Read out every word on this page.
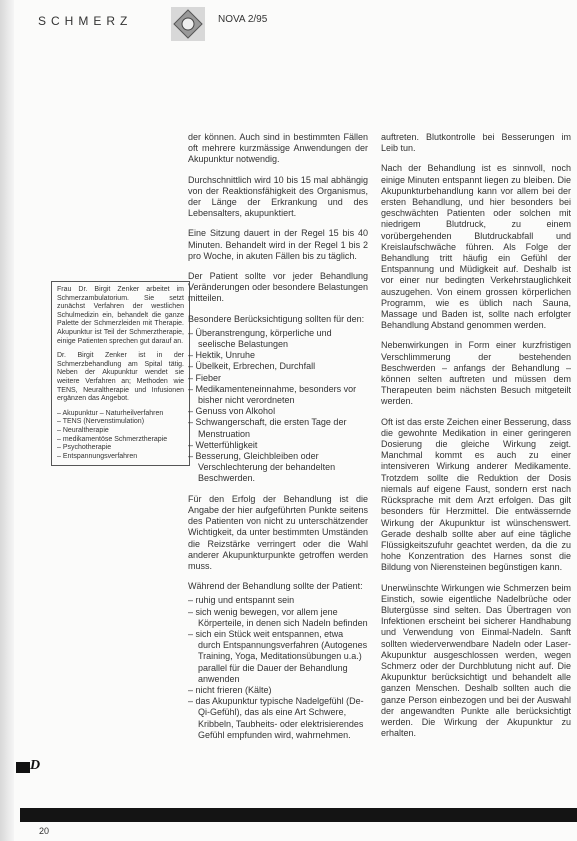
SCHMERZ	NOVA 2/95

Frau Dr. Birgit Zenker arbeitet im Schmerzambulatorium. Sie setzt zunächst Verfahren der westlichen Schulmedizin ein, behandelt die ganze Palette der Schmerzleiden mit Therapie. Akupunktur ist Teil der Schmerztherapie, einige Patienten sprechen gut darauf an.

Dr. Birgit Zenker ist in der Schmerzbehandlung am Spital tätig. Neben der Akupunktur wendet sie weitere Verfahren an; Methoden wie TENS, Neuraltherapie und Infusionen ergänzen das Angebot.

– Akupunktur – Naturheilverfahren
– TENS (Nervenstimulation)
– Neuraltherapie
– medikamentöse Schmerztherapie
– Psychotherapie
– Entspannungsverfahren

der können. Auch sind in bestimmten Fällen oft mehrere kurzmässige Anwendungen der Akupunktur notwendig.

Durchschnittlich wird 10 bis 15 mal abhängig von der Reaktionsfähigkeit des Organismus, der Länge der Erkrankung und des Lebensalters, akupunktiert.

Eine Sitzung dauert in der Regel 15 bis 40 Minuten. Behandelt wird in der Regel 1 bis 2 pro Woche, in akuten Fällen bis zu täglich.

Der Patient sollte vor jeder Behandlung Veränderungen oder besondere Belastungen mitteilen.

Besondere Berücksichtigung sollten für den:

– Überanstrengung, körperliche und seelische Belastungen
– Hektik, Unruhe
– Übelkeit, Erbrechen, Durchfall
– Fieber
– Medikamenteneinnahme, besonders vor bisher nicht verordneten
– Genuss von Alkohol
– Schwangerschaft, die ersten Tage der Menstruation
– Wetterfühligkeit
– Besserung, Gleichbleiben oder Verschlechterung der behandelten Beschwerden.

Für den Erfolg der Behandlung ist die Angabe der hier aufgeführten Punkte seitens des Patienten von nicht zu unterschätzender Wichtigkeit, da unter bestimmten Umständen die Reizstärke verringert oder die Wahl anderer Akupunkturpunkte getroffen werden muss.

Während der Behandlung sollte der Patient:

– ruhig und entspannt sein
– sich wenig bewegen, vor allem jene Körperteile, in denen sich Nadeln befinden
– sich ein Stück weit entspannen, etwa durch Entspannungsverfahren (Autogenes Training, Yoga, Meditationsübungen u.a.) parallel für die Dauer der Behandlung anwenden
– nicht frieren (Kälte)
– das Akupunktur typische Nadelgefühl (De-Qi-Gefühl), das als eine Art Schwere, Kribbeln, Taubheits- oder elektrisierendes Gefühl empfunden wird, wahrnehmen.

auftreten. Blutkontrolle bei Besserungen im Leib tun.

Nach der Behandlung ist es sinnvoll, noch einige Minuten entspannt liegen zu bleiben. Die Akupunkturbehandlung kann vor allem bei der ersten Behandlung, und hier besonders bei geschwächten Patienten oder solchen mit niedrigem Blutdruck, zu einem vorübergehenden Blutdruckabfall und Kreislaufschwäche führen. Als Folge der Behandlung tritt häufig ein Gefühl der Entspannung und Müdigkeit auf. Deshalb ist vor einer nur bedingten Verkehrstauglichkeit auszugehen. Von einem grossen körperlichen Programm, wie es üblich nach Sauna, Massage und Baden ist, sollte nach erfolgter Behandlung Abstand genommen werden.

Nebenwirkungen in Form einer kurzfristigen Verschlimmerung der bestehenden Beschwerden – anfangs der Behandlung – können selten auftreten und müssen dem Therapeuten beim nächsten Besuch mitgeteilt werden.

Oft ist das erste Zeichen einer Besserung, dass die gewohnte Medikation in einer geringeren Dosierung die gleiche Wirkung zeigt. Manchmal kommt es auch zu einer intensiveren Wirkung anderer Medikamente. Trotzdem sollte die Reduktion der Dosis niemals auf eigene Faust, sondern erst nach Rücksprache mit dem Arzt erfolgen. Das gilt besonders für Herzmittel. Die entwässernde Wirkung der Akupunktur ist wünschenswert. Gerade deshalb sollte aber auf eine tägliche Flüssigkeitszufuhr geachtet werden, da die zu hohe Konzentration des Harnes sonst die Bildung von Nierensteinen begünstigen kann.

Unerwünschte Wirkungen wie Schmerzen beim Einstich, sowie eigentliche Nadelbrüche oder Blutergüsse sind selten. Das Übertragen von Infektionen erscheint bei sicherer Handhabung und Verwendung von Einmal-Nadeln. Sanft sollten wiederverwendbare Nadeln oder Laser-Akupunktur ausgeschlossen werden, wegen Schmerz oder der Durchblutung nicht auf. Die Akupunktur berücksichtigt und behandelt alle ganzen Menschen. Deshalb sollten auch die ganze Person einbezogen und bei der Auswahl der angewandten Punkte alle berücksichtigt werden. Die Wirkung der Akupunktur zu erhalten.

D
20
